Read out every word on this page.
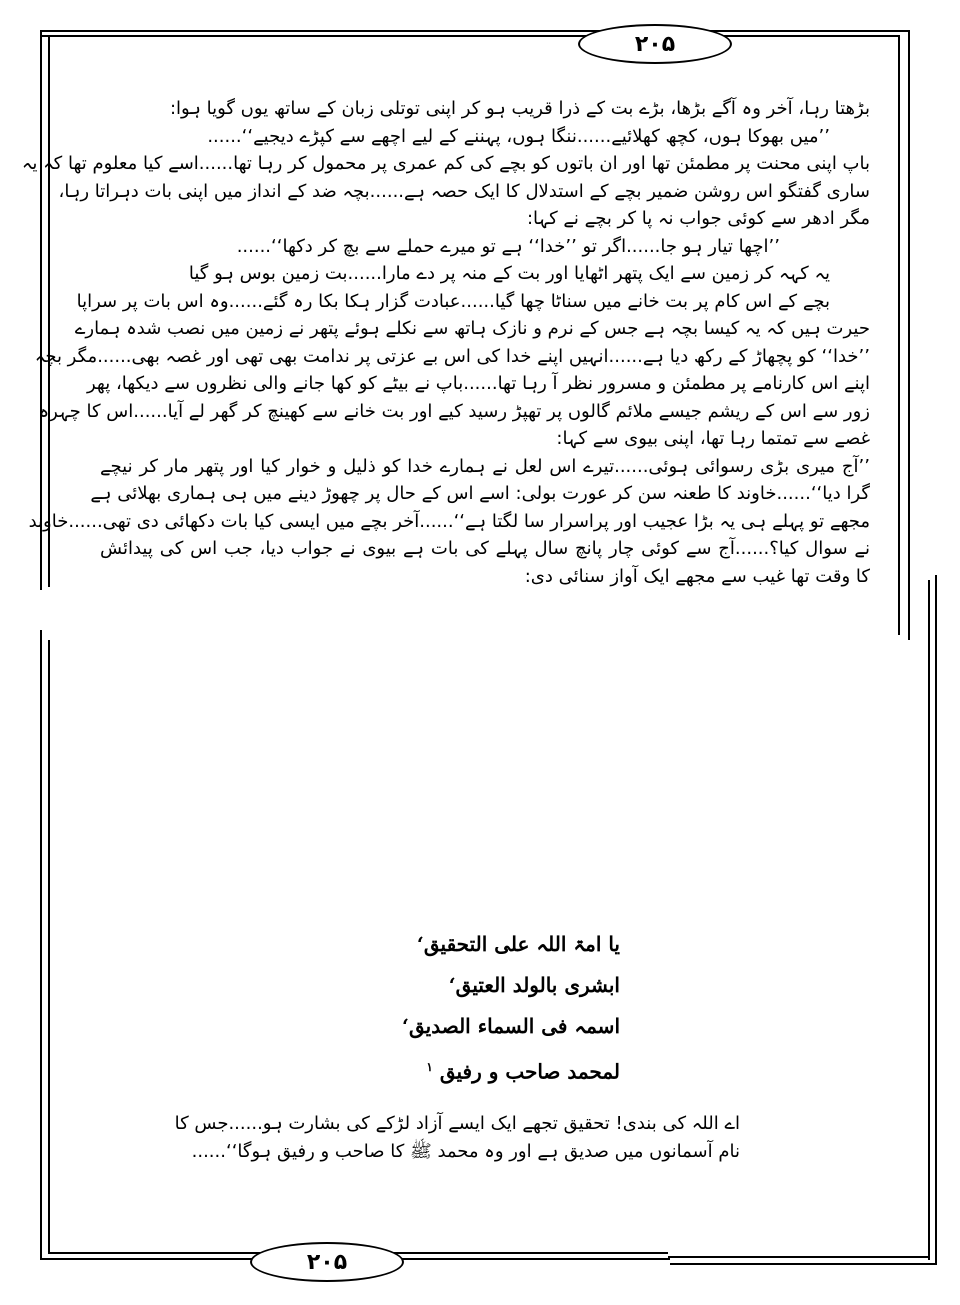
۲۰۵
بڑھتا رہا، آخر وہ آگے بڑھا، بڑے بت کے ذرا قریب ہو کر اپنی توتلی زبان کے ساتھ یوں گویا ہوا:
’’میں بھوکا ہوں، کچھ کھلائیے......ننگا ہوں، پہننے کے لیے اچھے سے کپڑے دیجیے‘‘......
باپ اپنی محنت پر مطمئن تھا اور ان باتوں کو بچے کی کم عمری پر محمول کر رہا تھا......اسے کیا معلوم تھا کہ یہ
ساری گفتگو اس روشن ضمیر بچے کے استدلال کا ایک حصہ ہے......بچہ ضد کے انداز میں اپنی بات دہراتا رہا،
مگر ادھر سے کوئی جواب نہ پا کر بچے نے کہا:
’’اچھا تیار ہو جا......اگر تو ’’خدا‘‘ ہے تو میرے حملے سے بچ کر دکھا‘‘......
یہ کہہ کر زمین سے ایک پتھر اٹھایا اور بت کے منہ پر دے مارا......بت زمین بوس ہو گیا
بچے کے اس کام پر بت خانے میں سناٹا چھا گیا......عبادت گزار ہکا بکا رہ گئے......وہ اس بات پر سراپا
حیرت ہیں کہ یہ کیسا بچہ ہے جس کے نرم و نازک ہاتھ سے نکلے ہوئے پتھر نے زمین میں نصب شدہ ہمارے
’’خدا‘‘ کو پچھاڑ کے رکھ دیا ہے......انہیں اپنے خدا کی اس بے عزتی پر ندامت بھی تھی اور غصہ بھی......مگر بچہ
اپنے اس کارنامے پر مطمئن و مسرور نظر آ رہا تھا......باپ نے بیٹے کو کھا جانے والی نظروں سے دیکھا، پھر
زور سے اس کے ریشم جیسے ملائم گالوں پر تھپڑ رسید کیے اور بت خانے سے کھینچ کر گھر لے آیا......اس کا چہرہ
غصے سے تمتما رہا تھا، اپنی بیوی سے کہا:
’’آج میری بڑی رسوائی ہوئی......تیرے اس لعل نے ہمارے خدا کو ذلیل و خوار کیا اور پتھر مار کر نیچے
گرا دیا‘‘......خاوند کا طعنہ سن کر عورت بولی: اسے اس کے حال پر چھوڑ دینے میں ہی ہماری بھلائی ہے
مجھے تو پہلے ہی یہ بڑا عجیب اور پراسرار سا لگتا ہے‘‘......آخر بچے میں ایسی کیا بات دکھائی دی تھی......خاوند
نے سوال کیا؟......آج سے کوئی چار پانچ سال پہلے کی بات ہے بیوی نے جواب دیا، جب اس کی پیدائش
کا وقت تھا غیب سے مجھے ایک آواز سنائی دی:
یا امۃ اللہ علی التحقیق‘
ابشری بالولد العتیق‘
اسمہ فی السماء الصدیق‘
لمحمد صاحب و رفیق $^۱$
اے اللہ کی بندی! تحقیق تجھے ایک ایسے آزاد لڑکے کی بشارت ہو......جس کا
نام آسمانوں میں صدیق ہے اور وہ محمد ﷺ کا صاحب و رفیق ہوگا‘‘......
۲۰۵
